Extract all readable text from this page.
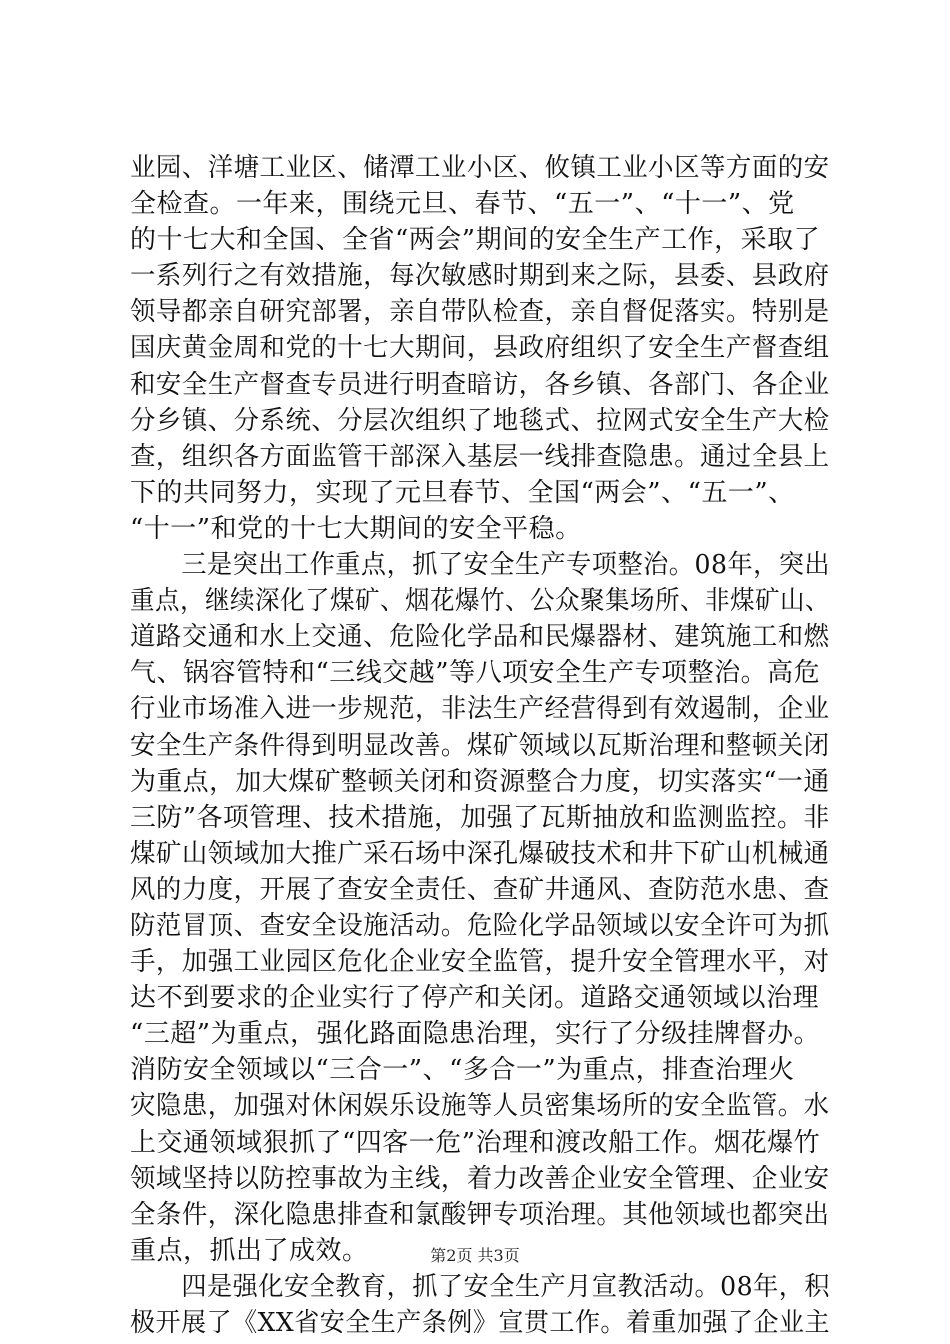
业园、洋塘工业区、储潭工业小区、攸镇工业小区等方面的安
全检查。一年来，围绕元旦、春节、“五一”、“十一”、党
的十七大和全国、全省“两会”期间的安全生产工作，采取了
一系列行之有效措施，每次敏感时期到来之际，县委、县政府
领导都亲自研究部署，亲自带队检查，亲自督促落实。特别是
国庆黄金周和党的十七大期间，县政府组织了安全生产督查组
和安全生产督查专员进行明查暗访，各乡镇、各部门、各企业
分乡镇、分系统、分层次组织了地毯式、拉网式安全生产大检
查，组织各方面监管干部深入基层一线排查隐患。通过全县上
下的共同努力，实现了元旦春节、全国“两会”、“五一”、
“十一”和党的十七大期间的安全平稳。
　　三是突出工作重点，抓了安全生产专项整治。08年，突出
重点，继续深化了煤矿、烟花爆竹、公众聚集场所、非煤矿山、
道路交通和水上交通、危险化学品和民爆器材、建筑施工和燃
气、锅容管特和“三线交越”等八项安全生产专项整治。高危
行业市场准入进一步规范，非法生产经营得到有效遏制，企业
安全生产条件得到明显改善。煤矿领域以瓦斯治理和整顿关闭
为重点，加大煤矿整顿关闭和资源整合力度，切实落实“一通
三防”各项管理、技术措施，加强了瓦斯抽放和监测监控。非
煤矿山领域加大推广采石场中深孔爆破技术和井下矿山机械通
风的力度，开展了查安全责任、查矿井通风、查防范水患、查
防范冒顶、查安全设施活动。危险化学品领域以安全许可为抓
手，加强工业园区危化企业安全监管，提升安全管理水平，对
达不到要求的企业实行了停产和关闭。道路交通领域以治理
“三超”为重点，强化路面隐患治理，实行了分级挂牌督办。
消防安全领域以“三合一”、“多合一”为重点，排查治理火
灾隐患，加强对休闲娱乐设施等人员密集场所的安全监管。水
上交通领域狠抓了“四客一危”治理和渡改船工作。烟花爆竹
领域坚持以防控事故为主线，着力改善企业安全管理、企业安
全条件，深化隐患排查和氯酸钾专项治理。其他领域也都突出
重点，抓出了成效。
　　四是强化安全教育，抓了安全生产月宣教活动。08年，积
极开展了《XX省安全生产条例》宣贯工作。着重加强了企业主
第2页 共3页
